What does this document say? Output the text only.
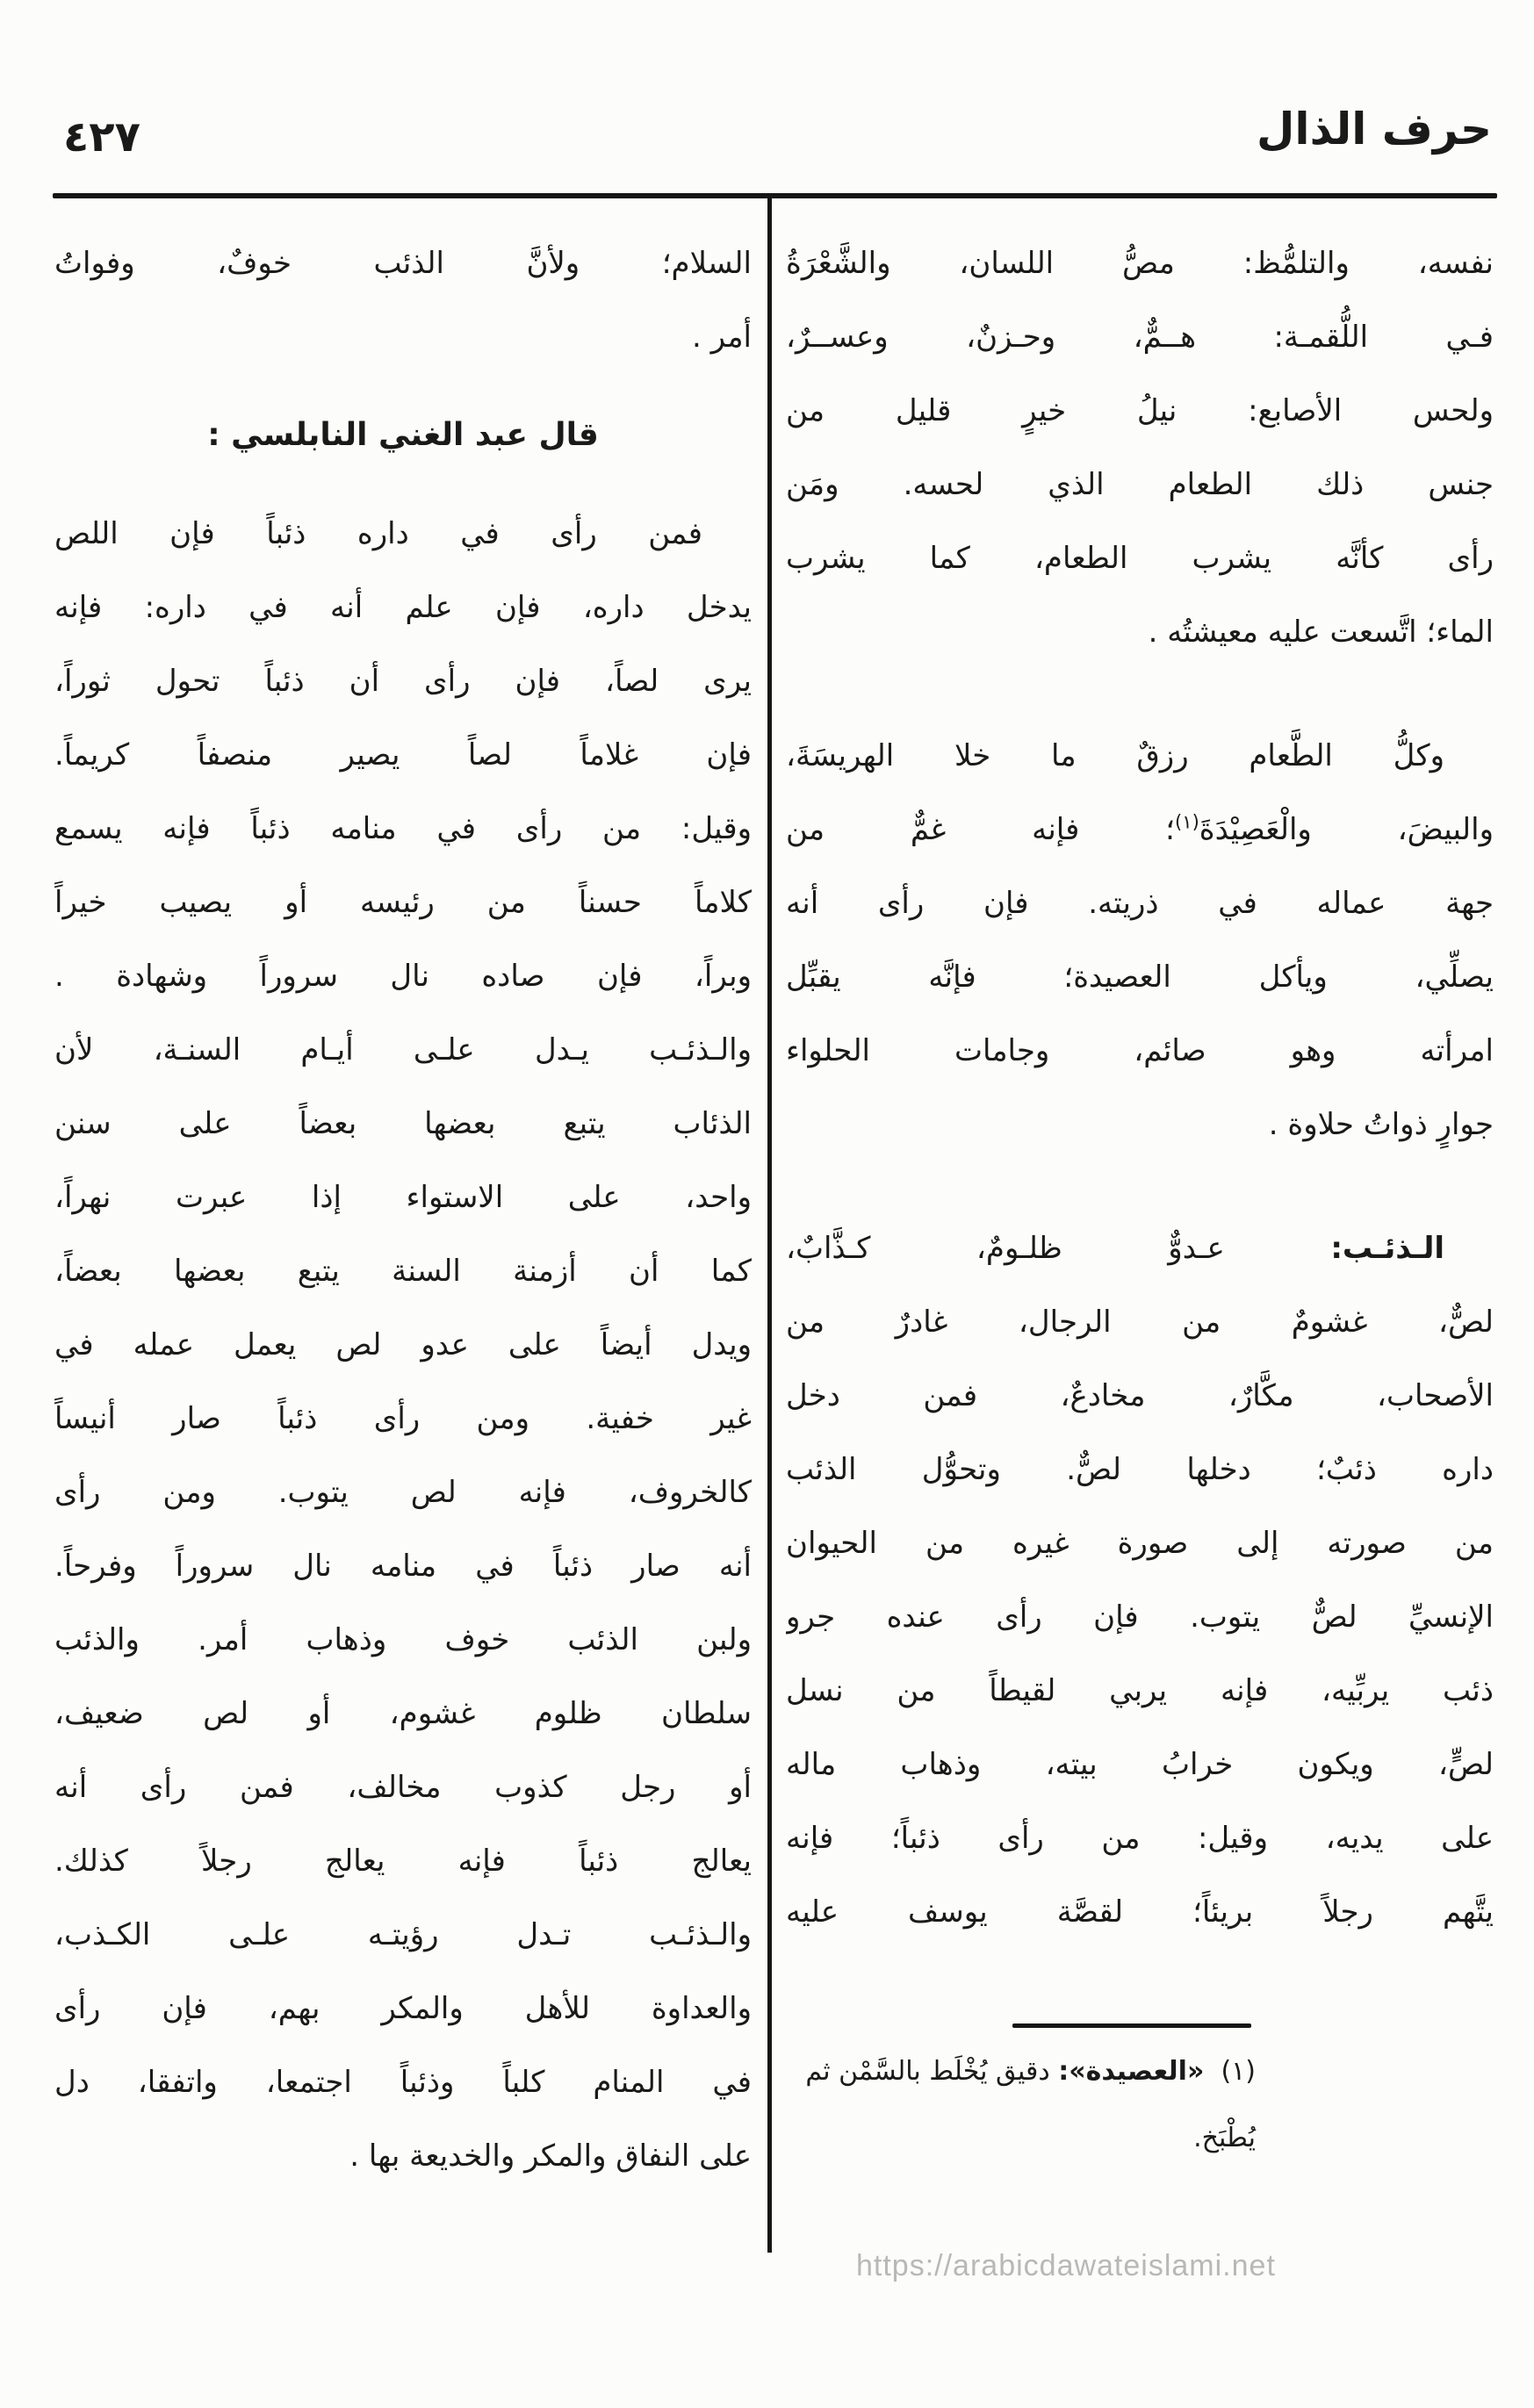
حرف الذال
٤٢٧
نفسه، والتلمُّظ: مصُّ اللسان، والشَّعْرَةُ
فـي اللُّقمـة: هــمٌّ، وحـزنٌ، وعســرٌ،
ولحس الأصابع: نيلُ خيرٍ قليل من
جنس ذلك الطعام الذي لحسه. ومَن
رأى كأنَّه يشرب الطعام، كما يشرب
الماء؛ اتَّسعت عليه معيشتُه .
وكلُّ الطَّعام رزقٌ ما خلا الهريسَةَ،
والبيضَ، والْعَصِيْدَةَ$^{(١)}$؛ فإنه غمٌّ من
جهة عماله في ذريته. فإن رأى أنه
يصلِّي، ويأكل العصيدة؛ فإنَّه يقبِّل
امرأته وهو صائم، وجامات الحلواء
جوارٍ ذواتُ حلاوة .
الـذئـب: عـدوٌّ ظلـومٌ، كـذَّابٌ،
لصٌّ، غشومٌ من الرجال، غادرٌ من
الأصحاب، مكَّارٌ، مخادعٌ، فمن دخل
داره ذئبٌ؛ دخلها لصٌّ. وتحوُّل الذئب
من صورته إلى صورة غيره من الحيوان
الإنسيِّ لصٌّ يتوب. فإن رأى عنده جرو
ذئب يربِّيه، فإنه يربي لقيطاً من نسل
لصٍّ، ويكون خرابُ بيته، وذهاب ماله
على يديه، وقيل: من رأى ذئباً؛ فإنه
يتَّهم رجلاً بريئاً؛ لقصَّة يوسف عليه
السلام؛ ولأنَّ الذئب خوفٌ، وفواتُ
أمر .
قال عبد الغني النابلسي :
فمن رأى في داره ذئباً فإن اللص
يدخل داره، فإن علم أنه في داره: فإنه
يرى لصاً، فإن رأى أن ذئباً تحول ثوراً،
فإن غلاماً لصاً يصير منصفاً كريماً.
وقيل: من رأى في منامه ذئباً فإنه يسمع
كلاماً حسناً من رئيسه أو يصيب خيراً
وبراً، فإن صاده نال سروراً وشهادة .
والـذئـب يـدل علـى أيـام السنـة، لأن
الذئاب يتبع بعضها بعضاً على سنن
واحد، على الاستواء إذا عبرت نهراً،
كما أن أزمنة السنة يتبع بعضها بعضاً،
ويدل أيضاً على عدو لص يعمل عمله في
غير خفية. ومن رأى ذئباً صار أنيساً
كالخروف، فإنه لص يتوب. ومن رأى
أنه صار ذئباً في منامه نال سروراً وفرحاً.
ولبن الذئب خوف وذهاب أمر. والذئب
سلطان ظلوم غشوم، أو لص ضعيف،
أو رجل كذوب مخالف، فمن رأى أنه
يعالج ذئباً فإنه يعالج رجلاً كذلك.
والـذئـب تـدل رؤيتـه علـى الكـذب،
والعداوة للأهل والمكر بهم، فإن رأى
في المنام كلباً وذئباً اجتمعا، واتفقا، دل
على النفاق والمكر والخديعة بها .
(١)  «العصيدة»: دقيق يُخْلَط بالسَّمْن ثم
يُطْبَخ.
https://arabicdawateislami.net
